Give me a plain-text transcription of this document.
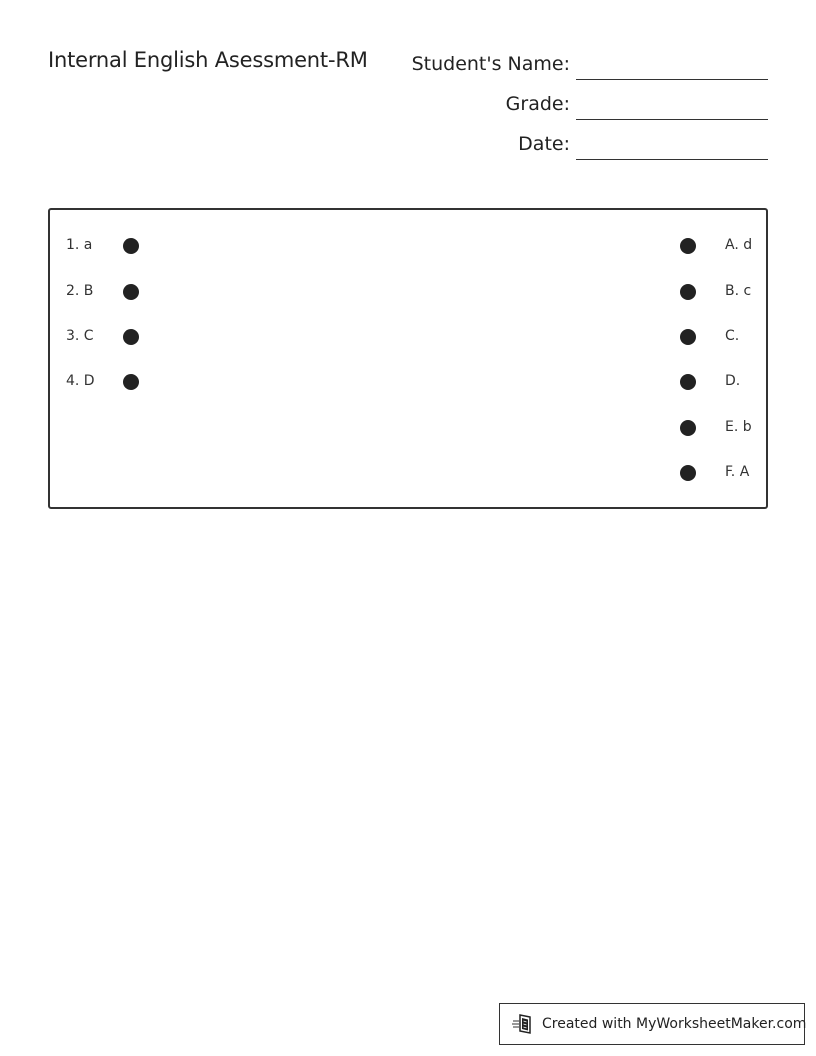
Internal English Asessment-RM Student's Name:
Grade:
Date:
1. a
2. B
3. C
4. D
A. d
B. c
C.
D.
E. b
F. A
Created with MyWorksheetMaker.com
